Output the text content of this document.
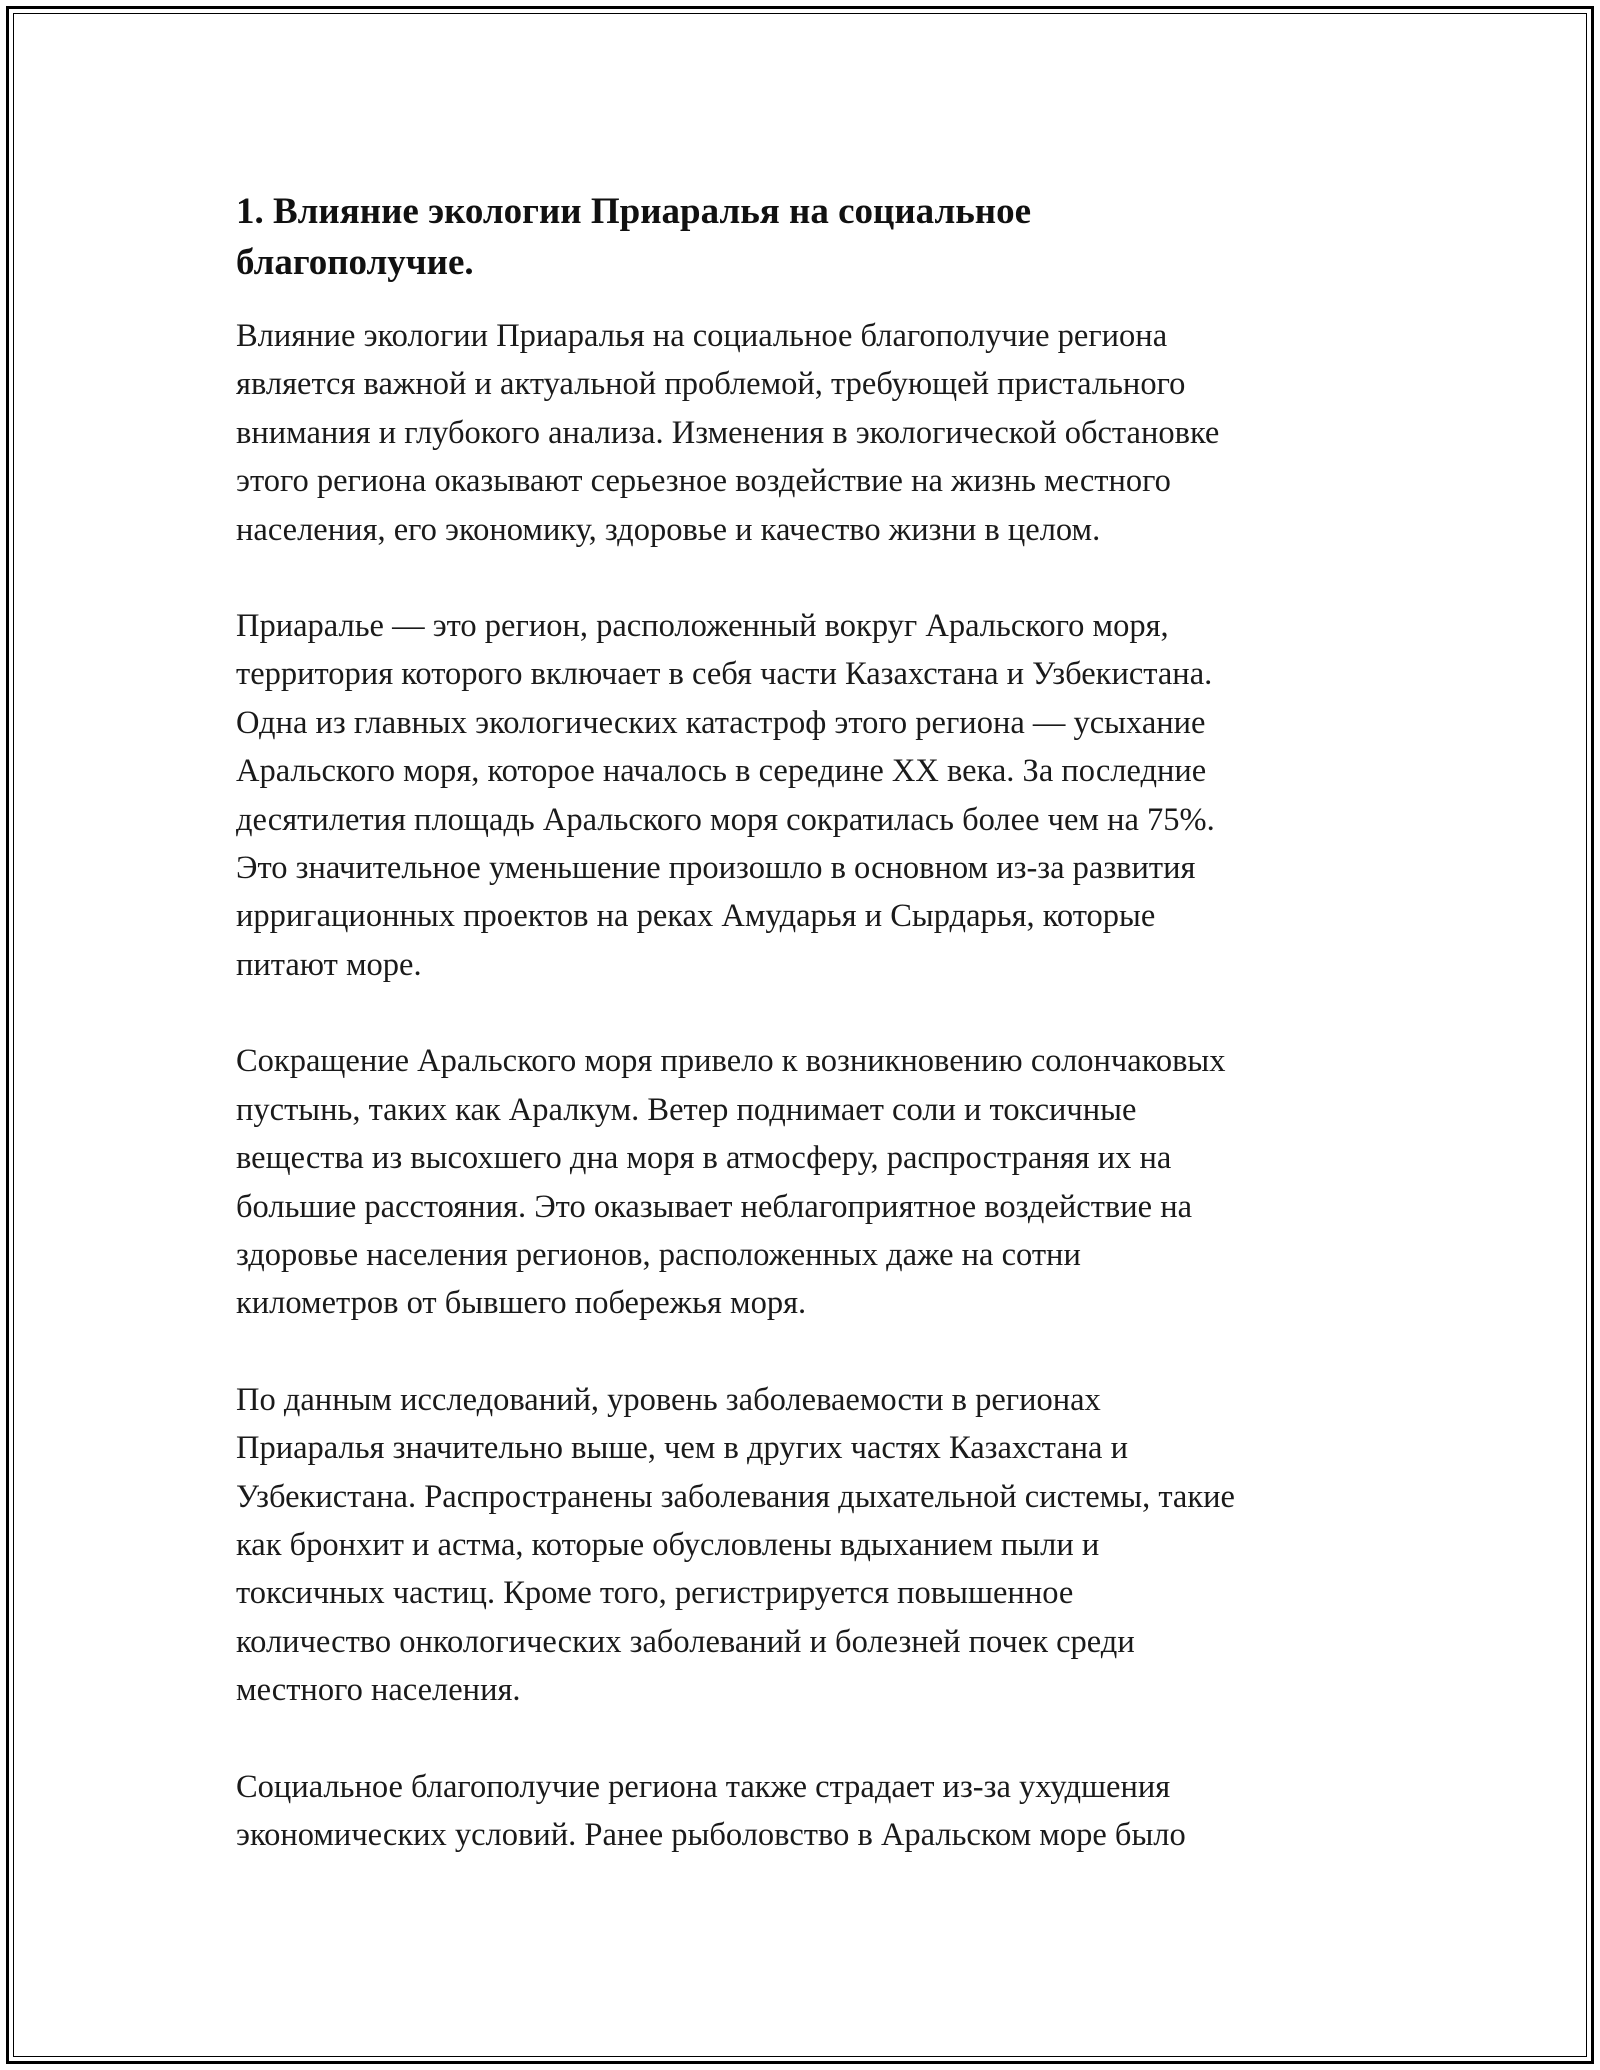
1. Влияние экологии Приаралья на социальное
благополучие.

Влияние экологии Приаралья на социальное благополучие региона
является важной и актуальной проблемой, требующей пристального
внимания и глубокого анализа. Изменения в экологической обстановке
этого региона оказывают серьезное воздействие на жизнь местного
населения, его экономику, здоровье и качество жизни в целом.

Приаралье — это регион, расположенный вокруг Аральского моря,
территория которого включает в себя части Казахстана и Узбекистана.
Одна из главных экологических катастроф этого региона — усыхание
Аральского моря, которое началось в середине XX века. За последние
десятилетия площадь Аральского моря сократилась более чем на 75%.
Это значительное уменьшение произошло в основном из-за развития
ирригационных проектов на реках Амударья и Сырдарья, которые
питают море.

Сокращение Аральского моря привело к возникновению солончаковых
пустынь, таких как Аралкум. Ветер поднимает соли и токсичные
вещества из высохшего дна моря в атмосферу, распространяя их на
большие расстояния. Это оказывает неблагоприятное воздействие на
здоровье населения регионов, расположенных даже на сотни
километров от бывшего побережья моря.

По данным исследований, уровень заболеваемости в регионах
Приаралья значительно выше, чем в других частях Казахстана и
Узбекистана. Распространены заболевания дыхательной системы, такие
как бронхит и астма, которые обусловлены вдыханием пыли и
токсичных частиц. Кроме того, регистрируется повышенное
количество онкологических заболеваний и болезней почек среди
местного населения.

Социальное благополучие региона также страдает из-за ухудшения
экономических условий. Ранее рыболовство в Аральском море было
